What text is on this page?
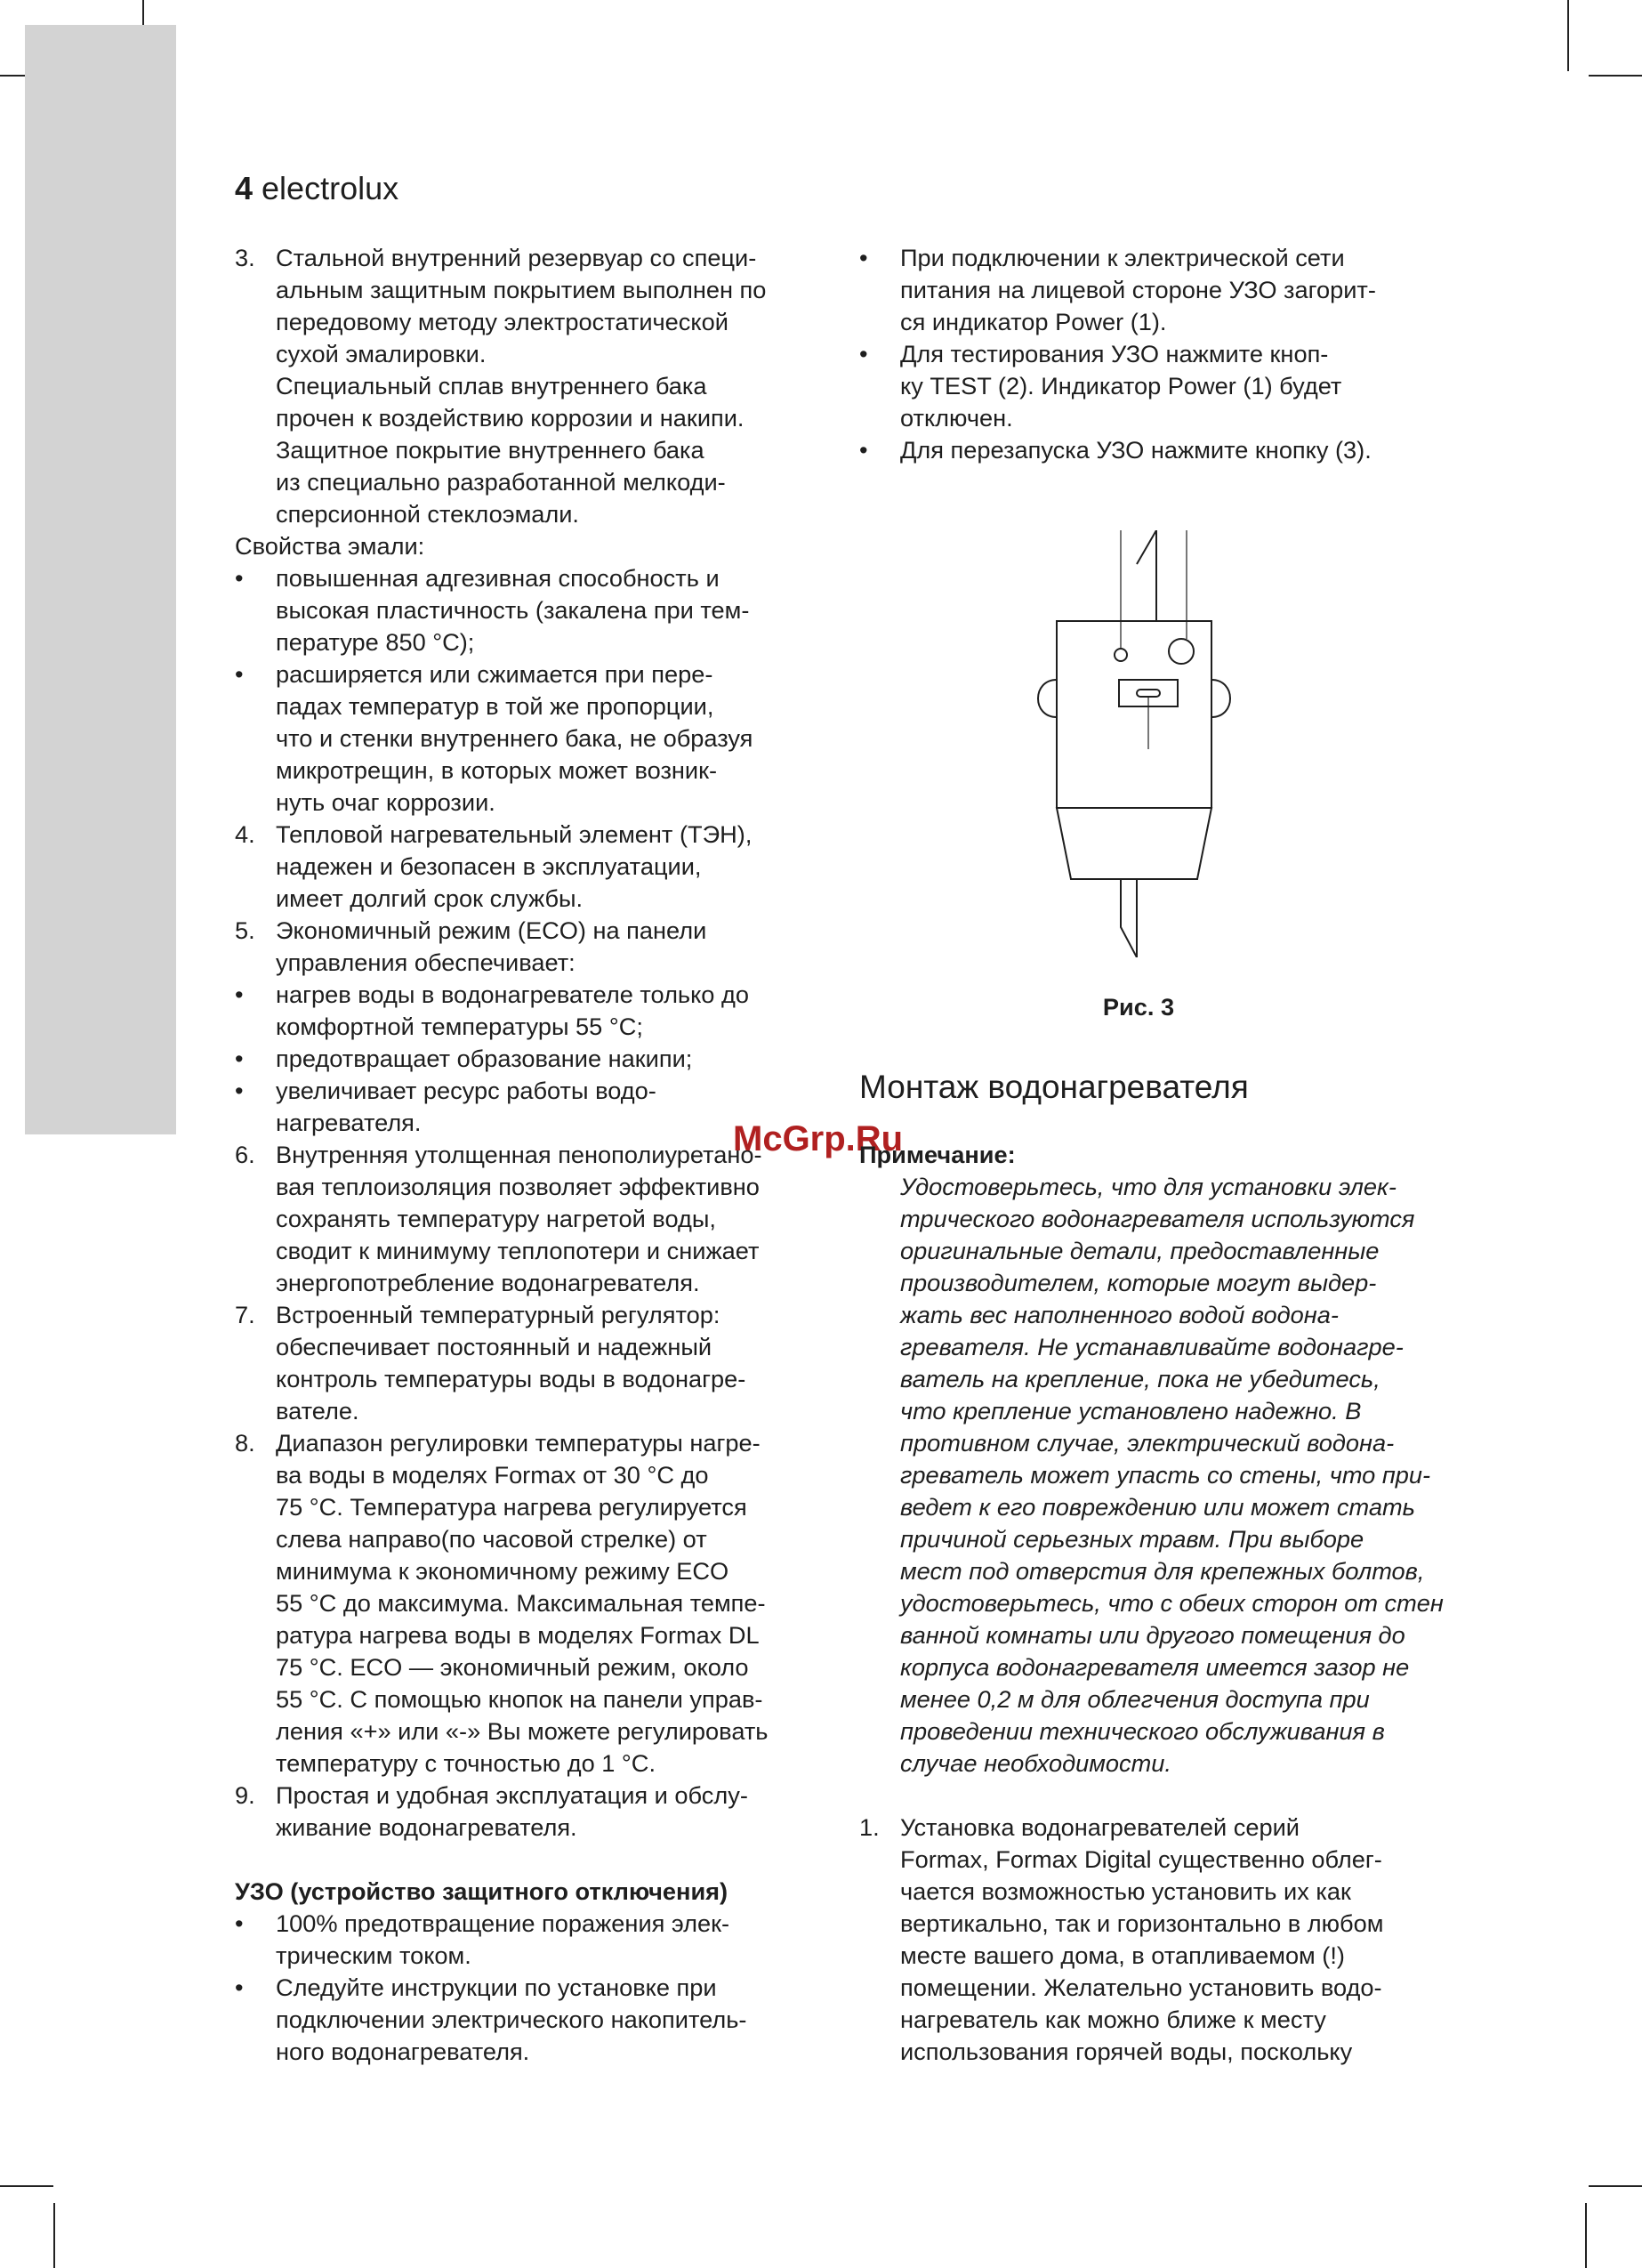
4 electrolux
3. Стальной внутренний резервуар со специ-
альным защитным покрытием выполнен по
передовому методу электростатической
сухой эмалировки.
Специальный сплав внутреннего бака
прочен к воздействию коррозии и накипи.
Защитное покрытие внутреннего бака
из специально разработанной мелкоди-
сперсионной стеклоэмали.
Свойства эмали:
• повышенная адгезивная способность и
высокая пластичность (закалена при тем-
пературе 850 °С);
• расширяется или сжимается при пере-
падах температур в той же пропорции,
что и стенки внутреннего бака, не образуя
микротрещин, в которых может возник-
нуть очаг коррозии.
4. Тепловой нагревательный элемент (ТЭН),
надежен и безопасен в эксплуатации,
имеет долгий срок службы.
5. Экономичный режим (ECO) на панели
управления обеспечивает:
• нагрев воды в водонагревателе только до
комфортной температуры 55 °С;
• предотвращает образование накипи;
• увеличивает ресурс работы водо-
нагревателя.
6. Внутренняя утолщенная пенополиуретано-
вая теплоизоляция позволяет эффективно
сохранять температуру нагретой воды,
сводит к минимуму теплопотери и снижает
энергопотребление водонагревателя.
7. Встроенный температурный регулятор:
обеспечивает постоянный и надежный
контроль температуры воды в водонагре-
вателе.
8. Диапазон регулировки температуры нагре-
ва воды в моделях Formax от 30 °С до
75 °С. Температура нагрева регулируется
слева направо(по часовой стрелке) от
минимума к экономичному режиму ECO
55 °С до максимума. Максимальная темпе-
ратура нагрева воды в моделях Formax DL
75 °С. ECO — экономичный режим, около
55 °С. С помощью кнопок на панели управ-
ления «+» или «-» Вы можете регулировать
температуру с точностью до 1 °С.
9. Простая и удобная эксплуатация и обслу-
живание водонагревателя.
УЗО (устройство защитного отключения)
• 100% предотвращение поражения элек-
трическим током.
• Следуйте инструкции по установке при
подключении электрического накопитель-
ного водонагревателя.
• При подключении к электрической сети
питания на лицевой стороне УЗО загорит-
ся индикатор Power (1).
• Для тестирования УЗО нажмите кноп-
ку TEST (2). Индикатор Power (1) будет
отключен.
• Для перезапуска УЗО нажмите кнопку (3).
Рис. 3
Монтаж водонагревателя
McGrp.Ru
Примечание:
Удостоверьтесь, что для установки элек-
трического водонагревателя используются
оригинальные детали, предоставленные
производителем, которые могут выдер-
жать вес наполненного водой водона-
гревателя. Не устанавливайте водонагре-
ватель на крепление, пока не убедитесь,
что крепление установлено надежно. В
противном случае, электрический водона-
греватель может упасть со стены, что при-
ведет к его повреждению или может стать
причиной серьезных травм. При выборе
мест под отверстия для крепежных болтов,
удостоверьтесь, что с обеих сторон от стен
ванной комнаты или другого помещения до
корпуса водонагревателя имеется зазор не
менее 0,2 м для облегчения доступа при
проведении технического обслуживания в
случае необходимости.
1. Установка водонагревателей серий
Formax, Formax Digital существенно облег-
чается возможностью установить их как
вертикально, так и горизонтально в любом
месте вашего дома, в отапливаемом (!)
помещении. Желательно установить водо-
нагреватель как можно ближе к месту
использования горячей воды, поскольку
